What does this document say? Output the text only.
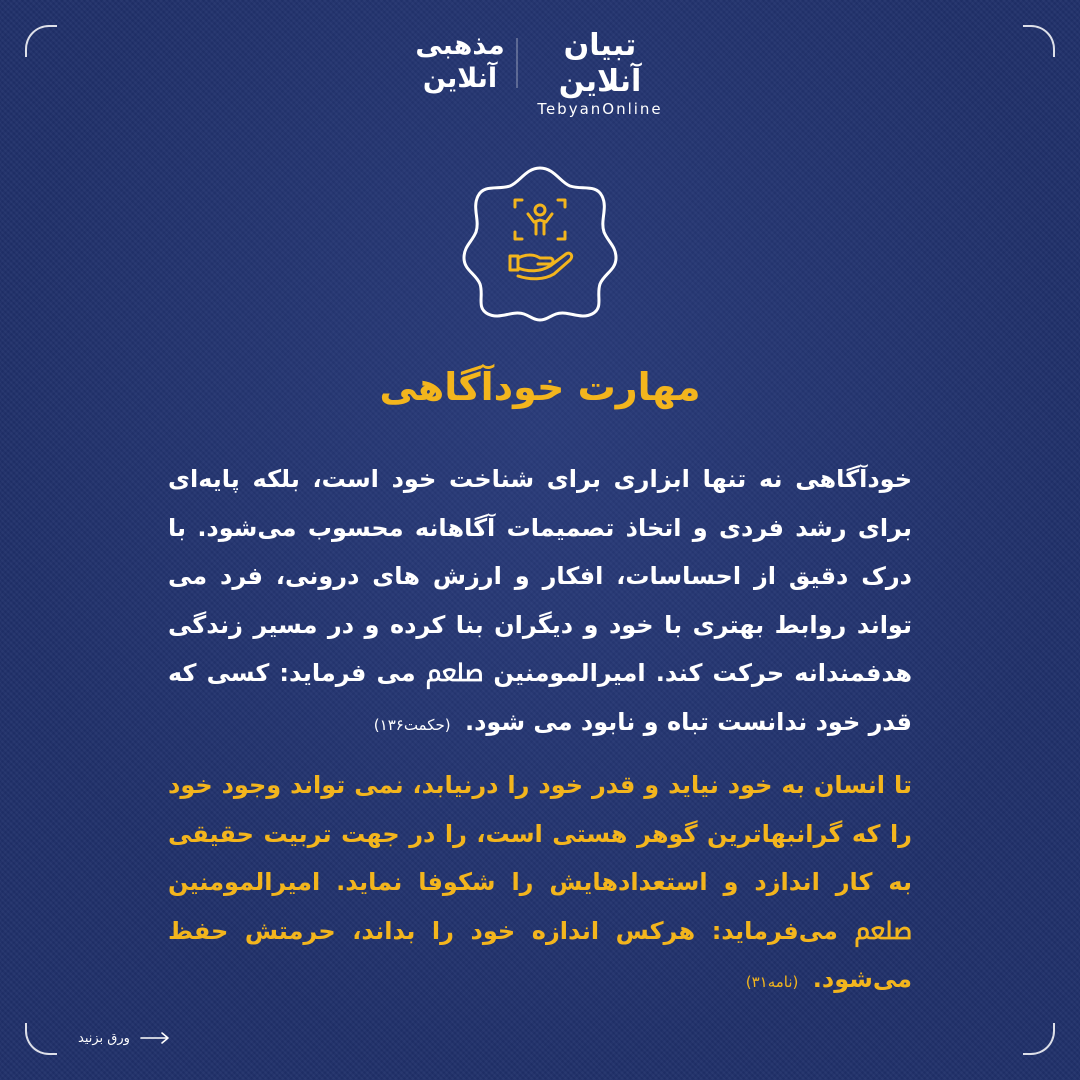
تبیان آنلاین
TebyanOnline
مذهبی
آنلاین
مهارت خودآگاهی

خودآگاهی نه تنها ابزاری برای شناخت خود است، بلکه پایه‌ای برای رشد فردی و اتخاذ تصمیمات آگاهانه محسوب می‌شود. با درک دقیق از احساسات، افکار و ارزش های درونی، فرد می تواند روابط بهتری با خود و دیگران بنا کرده و در مسیر زندگی هدفمندانه حرکت کند. امیرالمومنین ﷵ می فرماید: کسی که قدر خود ندانست تباه و نابود می شود. (حکمت۱۳۶)

تا انسان به خود نیاید و قدر خود را درنیابد، نمی تواند وجود خود را که گرانبهاترین گوهر هستی است، را در جهت تربیت حقیقی به کار اندازد و استعدادهایش را شکوفا نماید. امیرالمومنین ﷵ می‌فرماید: هرکس اندازه خود را بداند، حرمتش حفظ می‌شود. (نامه۳۱)

ورق بزنید
